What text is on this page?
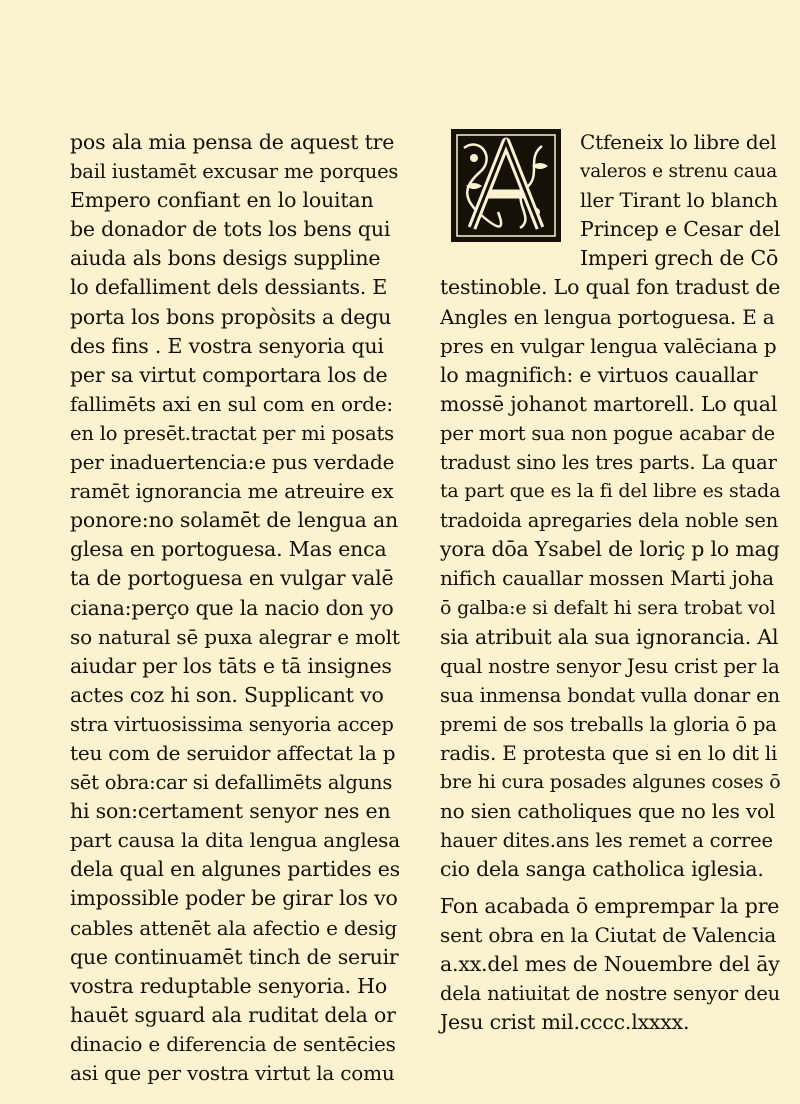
pos ala mia pensa de aquest tre
bail iustamēt excusar me porques
Empero confiant en lo louitan
be donador de tots los bens qui
aiuda als bons desigs suppline
lo defalliment dels dessiants. E
porta los bons propòsits a degu
des fins . E vostra senyoria qui
per sa virtut comportara los de
fallimēts axi en sul com en orde:
en lo presēt.tractat per mi posats
per inaduertencia:e pus verdade
ramēt ignorancia me atreuire ex
ponore:no solamēt de lengua an
glesa en portoguesa. Mas enca
ta de portoguesa en vulgar valē
ciana:perço que la nacio don yo
so natural sē puxa alegrar e molt
aiudar per los tāts e tā insignes
actes coz hi son. Supplicant vo
stra virtuosissima senyoria accep
teu com de seruidor affectat la p
sēt obra:car si defallimēts alguns
hi son:certament senyor nes en
part causa la dita lengua anglesa
dela qual en algunes partides es
impossible poder be girar los vo
cables attenēt ala afectio e desig
que continuamēt tinch de seruir
vostra reduptable senyoria. Ho
hauēt sguard ala ruditat dela or
dinacio e diferencia de sentēcies
asi que per vostra virtut la comu
Ctfeneix lo libre del
valeros e strenu caua
ller Tirant lo blanch
Princep e Cesar del
Imperi grech de Cō
testinoble. Lo qual fon tradust de
Angles en lengua portoguesa. E a
pres en vulgar lengua valēciana p
lo magnifich: e virtuos cauallar
mossē johanot martorell. Lo qual
per mort sua non pogue acabar de
tradust sino les tres parts. La quar
ta part que es la fi del libre es stada
tradoida apregaries dela noble sen
yora dōa Ysabel de loriç p lo mag
nifich cauallar mossen Marti joha
ō galba:e si defalt hi sera trobat vol
sia atribuit ala sua ignorancia. Al
qual nostre senyor Jesu crist per la
sua inmensa bondat vulla donar en
premi de sos treballs la gloria ō pa
radis. E protesta que si en lo dit li
bre hi cura posades algunes coses ō
no sien catholiques que no les vol
hauer dites.ans les remet a corree
cio dela sanga catholica iglesia.
Fon acabada ō emprempar la pre
sent obra en la Ciutat de Valencia
a.xx.del mes de Nouembre del āy
dela natiuitat de nostre senyor deu
Jesu crist mil.cccc.lxxxx.
